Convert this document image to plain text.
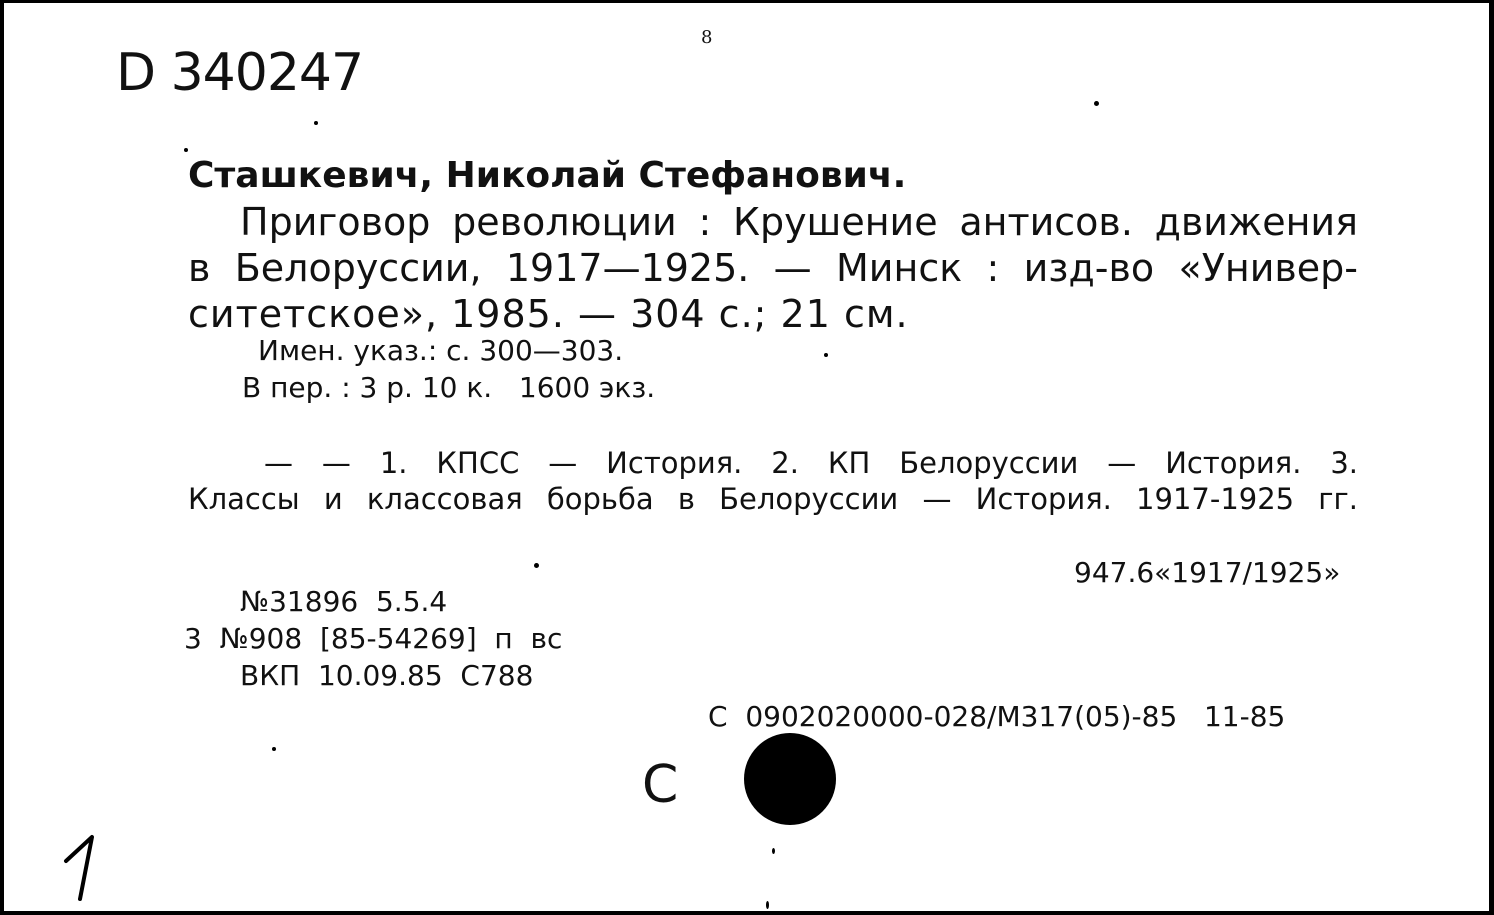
D 340247
8
Сташкевич, Николай Стефанович.
Приговор революции : Крушение антисов. движения
в Белоруссии, 1917—1925. — Минск : изд-во «Универ-
ситетское», 1985. — 304 с.; 21 см.
Имен. указ.: с. 300—303.
В пер. : 3 р. 10 к.   1600 экз.
— — 1. КПСС — История. 2. КП Белоруссии — История. 3.
Классы и классовая борьба в Белоруссии — История. 1917-1925 гг.
947.6«1917/1925»
№31896  5.5.4
3  №908  [85-54269]  п  вс
ВКП  10.09.85  С788
С  0902020000-028/М317(05)-85   11-85
С
